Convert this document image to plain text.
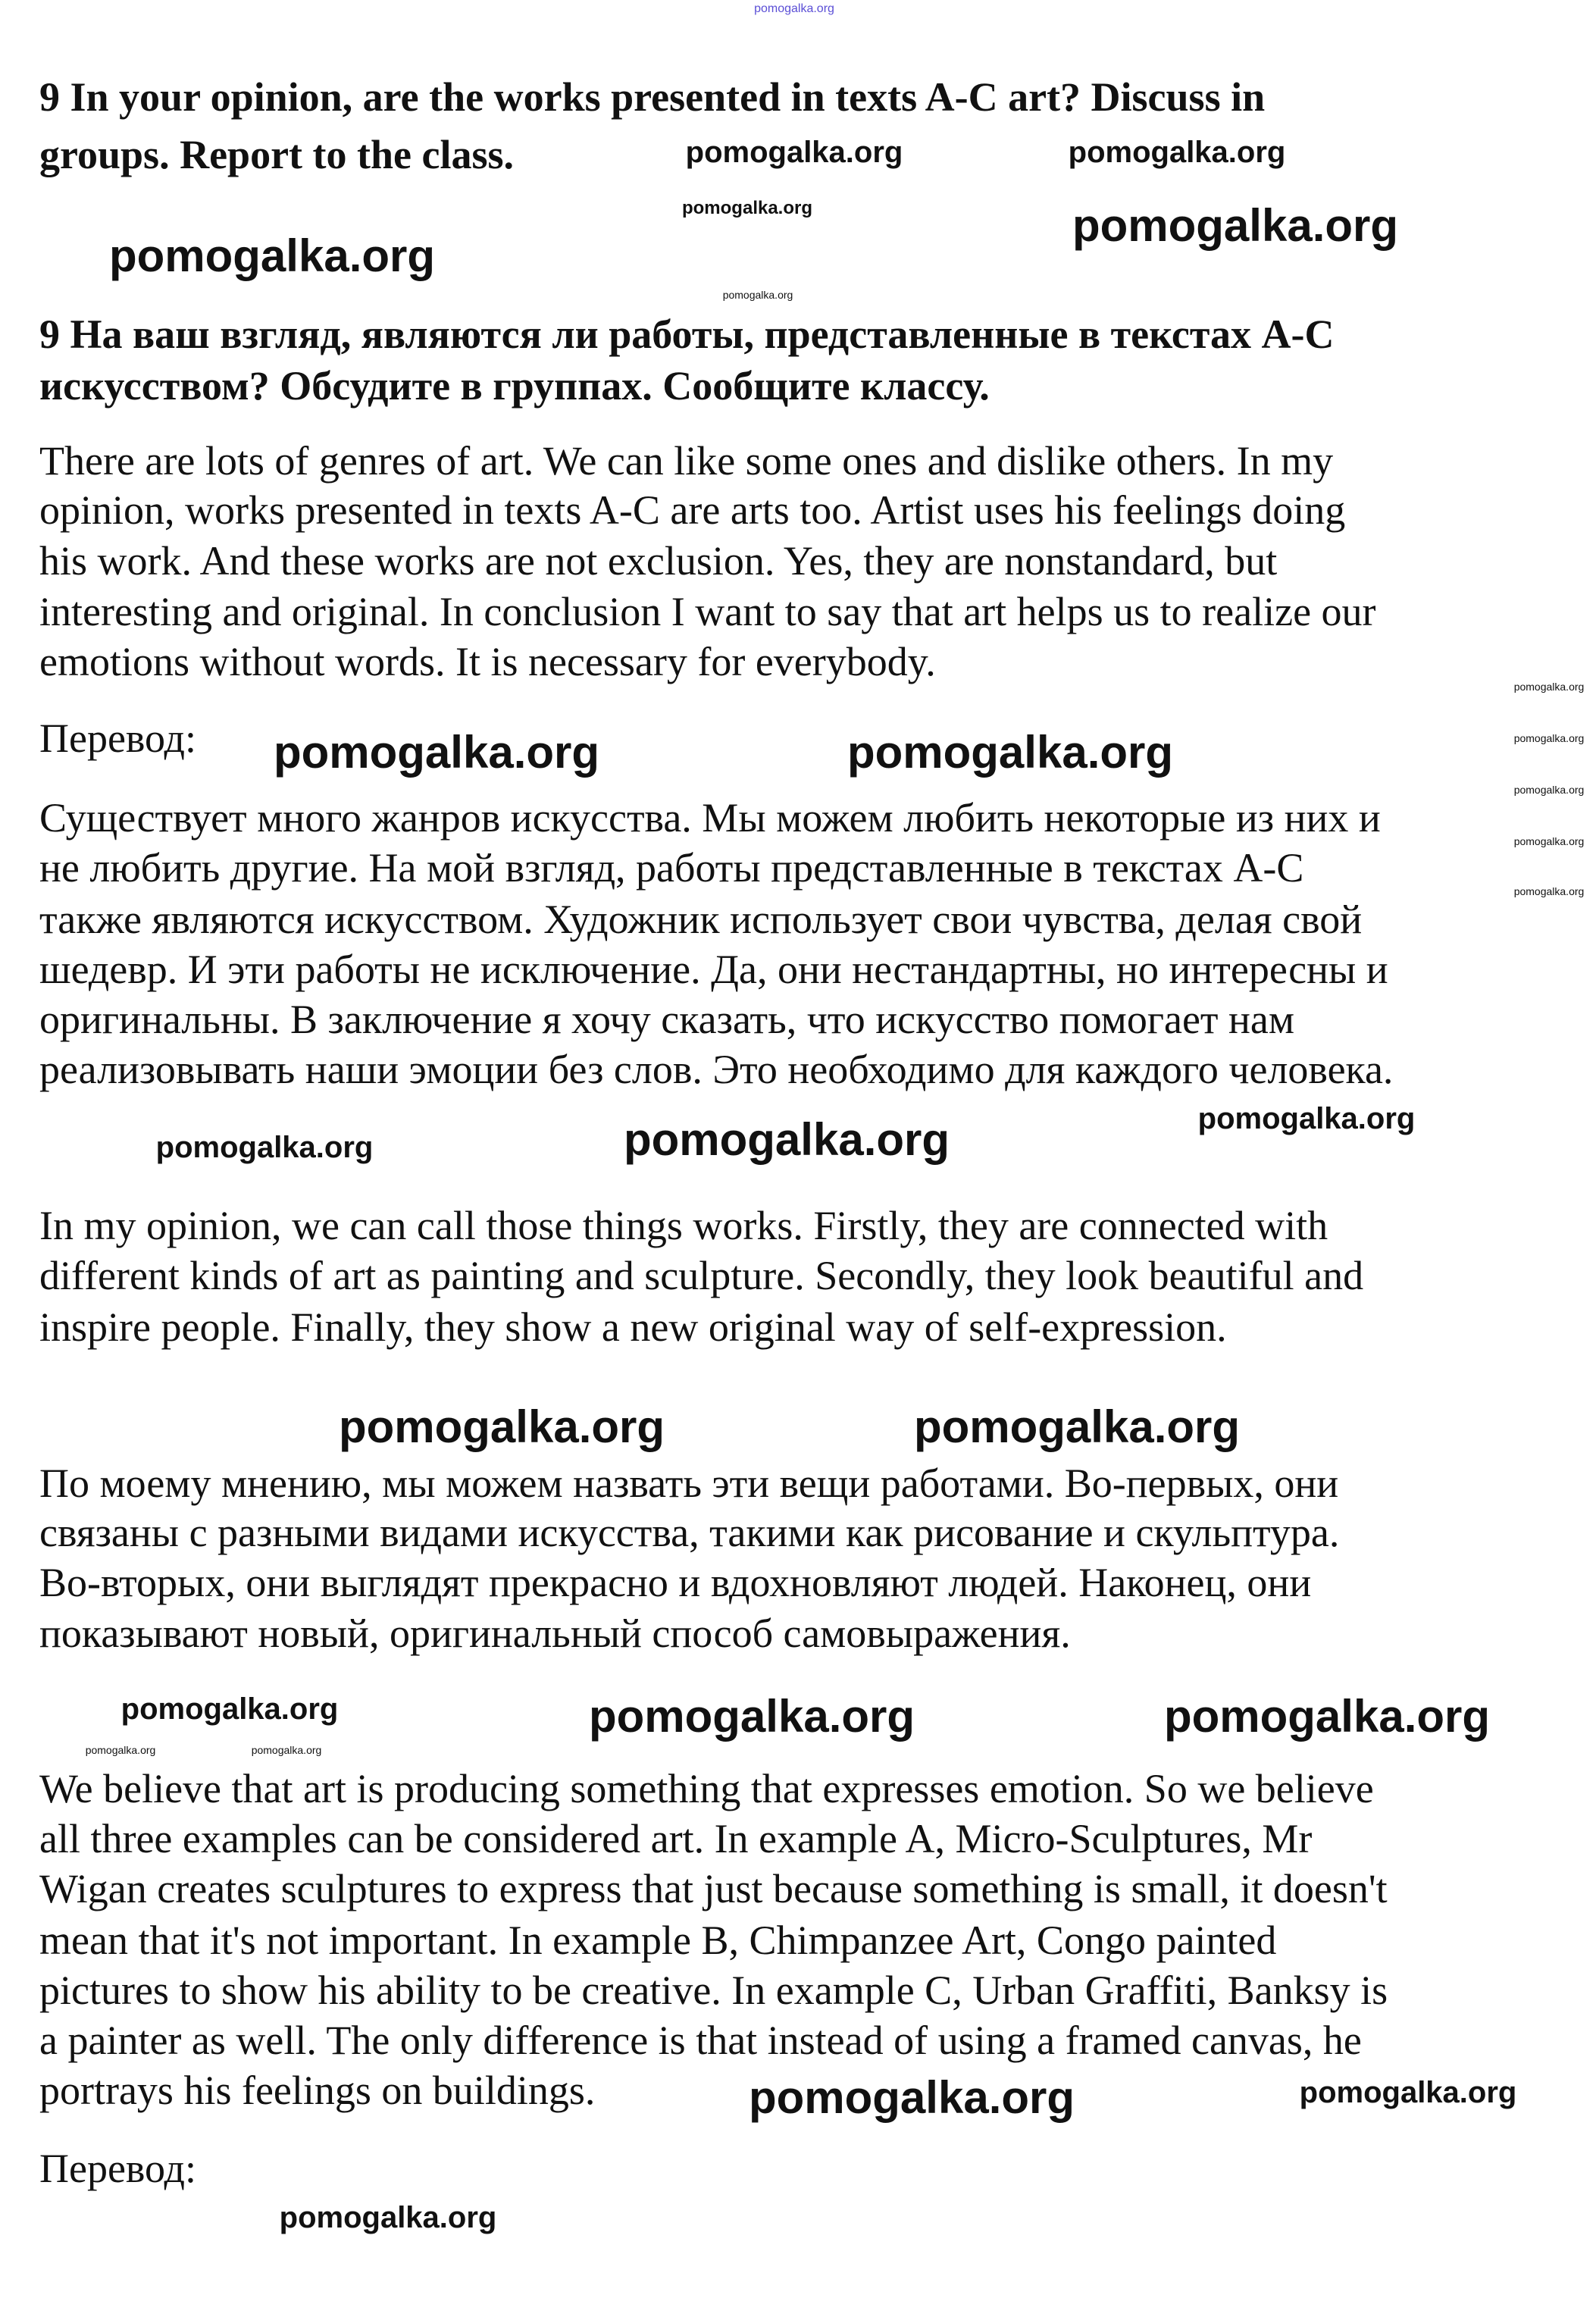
9 In your opinion, are the works presented in texts A-C art? Discuss in
groups. Report to the class.
9 На ваш взгляд, являются ли работы, представленные в текстах A-C
искусством? Обсудите в группах. Сообщите классу.
There are lots of genres of art. We can like some ones and dislike others. In my
opinion, works presented in texts A-C are arts too. Artist uses his feelings doing
his work. And these works are not exclusion. Yes, they are nonstandard, but
interesting and original. In conclusion I want to say that art helps us to realize our
emotions without words. It is necessary for everybody.
Перевод:
Существует много жанров искусства. Мы можем любить некоторые из них и
не любить другие. На мой взгляд, работы представленные в текстах A-C
также являются искусством. Художник использует свои чувства, делая свой
шедевр. И эти работы не исключение. Да, они нестандартны, но интересны и
оригинальны. В заключение я хочу сказать, что искусство помогает нам
реализовывать наши эмоции без слов. Это необходимо для каждого человека.
In my opinion, we can call those things works. Firstly, they are connected with
different kinds of art as painting and sculpture. Secondly, they look beautiful and
inspire people. Finally, they show a new original way of self-expression.
По моему мнению, мы можем назвать эти вещи работами. Во-первых, они
связаны с разными видами искусства, такими как рисование и скульптура.
Во-вторых, они выглядят прекрасно и вдохновляют людей. Наконец, они
показывают новый, оригинальный способ самовыражения.
We believe that art is producing something that expresses emotion. So we believe
all three examples can be considered art. In example A, Micro-Sculptures, Mr
Wigan creates sculptures to express that just because something is small, it doesn't
mean that it's not important. In example B, Chimpanzee Art, Congo painted
pictures to show his ability to be creative. In example C, Urban Graffiti, Banksy is
a painter as well. The only difference is that instead of using a framed canvas, he
portrays his feelings on buildings.
Перевод:
pomogalka.org
pomogalka.org	pomogalka.org
pomogalka.org
pomogalka.org
pomogalka.org	pomogalka.org
pomogalka.org
pomogalka.org
pomogalka.org
pomogalka.org
pomogalka.org
pomogalka.org	pomogalka.org
pomogalka.org
pomogalka.org	pomogalka.org
pomogalka.org	pomogalka.org
pomogalka.org	pomogalka.org	pomogalka.org
pomogalka.org	pomogalka.org
pomogalka.org	pomogalka.org
pomogalka.org
